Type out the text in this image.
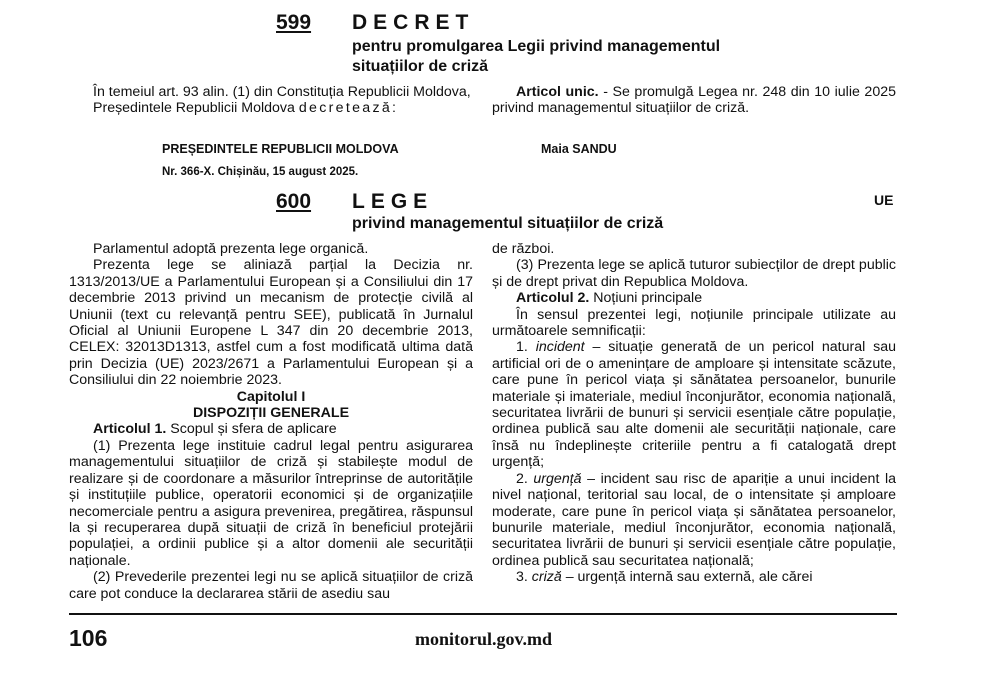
599 DECRET
pentru promulgarea Legii privind managementul
situațiilor de criză

În temeiul art. 93 alin. (1) din Constituția Republicii Moldova,

Președintele Republicii Moldova decretează:

Articol unic. - Se promulgă Legea nr. 248 din 10 iulie 2025 privind managementul situațiilor de criză.

PREȘEDINTELE REPUBLICII MOLDOVA	Maia SANDU
Nr. 366-X. Chișinău, 15 august 2025.
600 LEGE	UE
privind managementul situațiilor de criză

Parlamentul adoptă prezenta lege organică.

Prezenta lege se aliniază parțial la Decizia nr. 1313/2013/UE a Parlamentului European și a Consiliului din 17 decembrie 2013 privind un mecanism de protecție civilă al Uniunii (text cu relevanță pentru SEE), publicată în Jurnalul Oficial al Uniunii Europene L 347 din 20 decembrie 2013, CELEX: 32013D1313, astfel cum a fost modificată ultima dată prin Decizia (UE) 2023/2671 a Parlamentului European și a Consiliului din 22 noiembrie 2023.

Capitolul I

DISPOZIȚII GENERALE

Articolul 1. Scopul și sfera de aplicare

(1) Prezenta lege instituie cadrul legal pentru asigurarea managementului situațiilor de criză și stabilește modul de realizare și de coordonare a măsurilor întreprinse de autoritățile și instituțiile publice, operatorii economici și de organizațiile necomerciale pentru a asigura prevenirea, pregătirea, răspunsul la și recuperarea după situații de criză în beneficiul protejării populației, a ordinii publice și a altor domenii ale securității naționale.

(2) Prevederile prezentei legi nu se aplică situațiilor de criză care pot conduce la declararea stării de asediu sau

de război.

(3) Prezenta lege se aplică tuturor subiecților de drept public și de drept privat din Republica Moldova.

Articolul 2. Noțiuni principale

În sensul prezentei legi, noțiunile principale utilizate au următoarele semnificații:

1. incident – situație generată de un pericol natural sau artificial ori de o amenințare de amploare și intensitate scăzute, care pune în pericol viața și sănătatea persoanelor, bunurile materiale și imateriale, mediul înconjurător, economia națională, securitatea livrării de bunuri și servicii esențiale către populație, ordinea publică sau alte domenii ale securității naționale, care însă nu îndeplinește criteriile pentru a fi catalogată drept urgență;

2. urgență – incident sau risc de apariție a unui incident la nivel național, teritorial sau local, de o intensitate și amploare moderate, care pune în pericol viața și sănătatea persoanelor, bunurile materiale, mediul înconjurător, economia națională, securitatea livrării de bunuri și servicii esențiale către populație, ordinea publică sau securitatea națională;

3. criză – urgență internă sau externă, ale cărei

106	monitorul.gov.md
